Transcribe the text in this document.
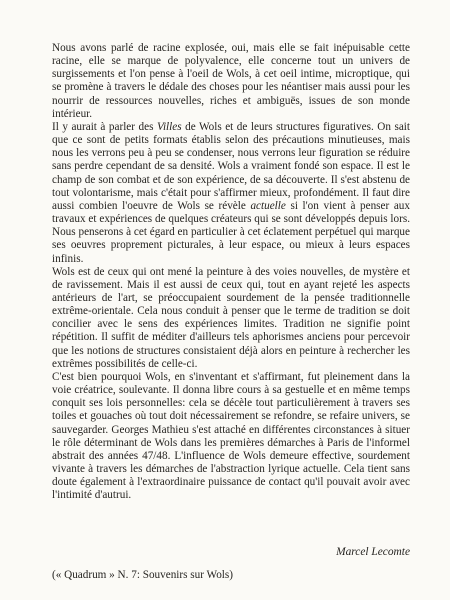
Nous avons parlé de racine explosée, oui, mais elle se fait inépuisable cette racine, elle se marque de polyvalence, elle concerne tout un univers de surgissements et l'on pense à l'oeil de Wols, à cet oeil intime, microptique, qui se promène à travers le dédale des choses pour les néantiser mais aussi pour les nourrir de ressources nouvelles, riches et ambiguës, issues de son monde intérieur.

Il y aurait à parler des Villes de Wols et de leurs structures figuratives. On sait que ce sont de petits formats établis selon des précautions minutieuses, mais nous les verrons peu à peu se condenser, nous verrons leur figuration se réduire sans perdre cependant de sa densité. Wols a vraiment fondé son espace. Il est le champ de son combat et de son expérience, de sa découverte. Il s'est abstenu de tout volontarisme, mais c'était pour s'affirmer mieux, profondément. Il faut dire aussi combien l'oeuvre de Wols se révèle actuelle si l'on vient à penser aux travaux et expériences de quelques créateurs qui se sont développés depuis lors. Nous penserons à cet égard en particulier à cet éclatement perpétuel qui marque ses oeuvres proprement picturales, à leur espace, ou mieux à leurs espaces infinis.

Wols est de ceux qui ont mené la peinture à des voies nouvelles, de mystère et de ravissement. Mais il est aussi de ceux qui, tout en ayant rejeté les aspects antérieurs de l'art, se préoccupaient sourdement de la pensée traditionnelle extrême-orientale. Cela nous conduit à penser que le terme de tradition se doit concilier avec le sens des expériences limites. Tradition ne signifie point répétition. Il suffit de méditer d'ailleurs tels aphorismes anciens pour percevoir que les notions de structures consistaient déjà alors en peinture à rechercher les extrêmes possibilités de celle-ci.

C'est bien pourquoi Wols, en s'inventant et s'affirmant, fut pleinement dans la voie créatrice, soulevante. Il donna libre cours à sa gestuelle et en même temps conquit ses lois personnelles: cela se décèle tout particulièrement à travers ses toiles et gouaches où tout doit nécessairement se refondre, se refaire univers, se sauvegarder. Georges Mathieu s'est attaché en différentes circonstances à situer le rôle déterminant de Wols dans les premières démarches à Paris de l'informel abstrait des années 47/48. L'influence de Wols demeure effective, sourdement vivante à travers les démarches de l'abstraction lyrique actuelle. Cela tient sans doute également à l'extraordinaire puissance de contact qu'il pouvait avoir avec l'intimité d'autrui.

Marcel Lecomte
(« Quadrum » N. 7: Souvenirs sur Wols)
